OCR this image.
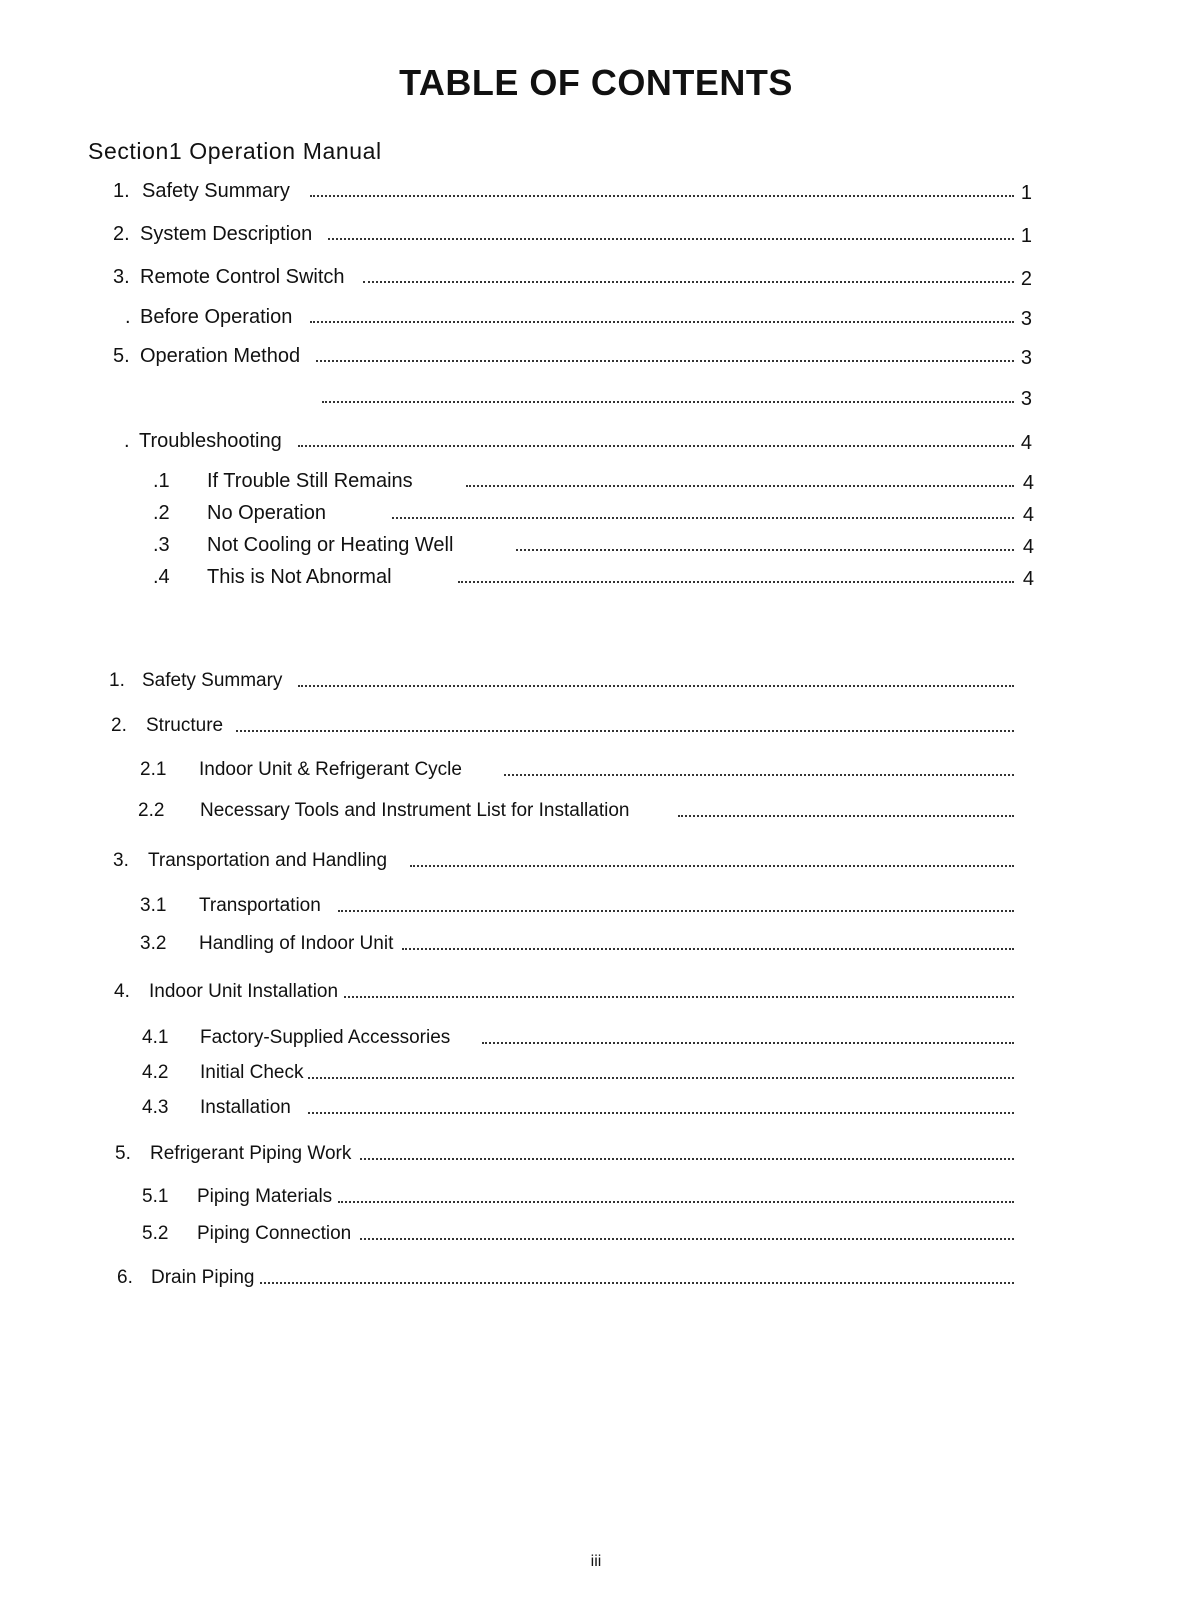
TABLE OF CONTENTS
Section1 Operation Manual
1. Safety Summary	1
2. System Description	1
3. Remote Control Switch	2
. Before Operation	3
5. Operation Method	3
3
. Troubleshooting	4
.1 If Trouble Still Remains	4
.2 No Operation	4
.3 Not Cooling or Heating Well	4
.4 This is Not Abnormal	4
1. Safety Summary
2. Structure
2.1 Indoor Unit & Refrigerant Cycle
2.2 Necessary Tools and Instrument List for Installation
3. Transportation and Handling
3.1 Transportation
3.2 Handling of Indoor Unit
4. Indoor Unit Installation
4.1 Factory-Supplied Accessories
4.2 Initial Check
4.3 Installation
5. Refrigerant Piping Work
5.1 Piping Materials
5.2 Piping Connection
6. Drain Piping
iii
